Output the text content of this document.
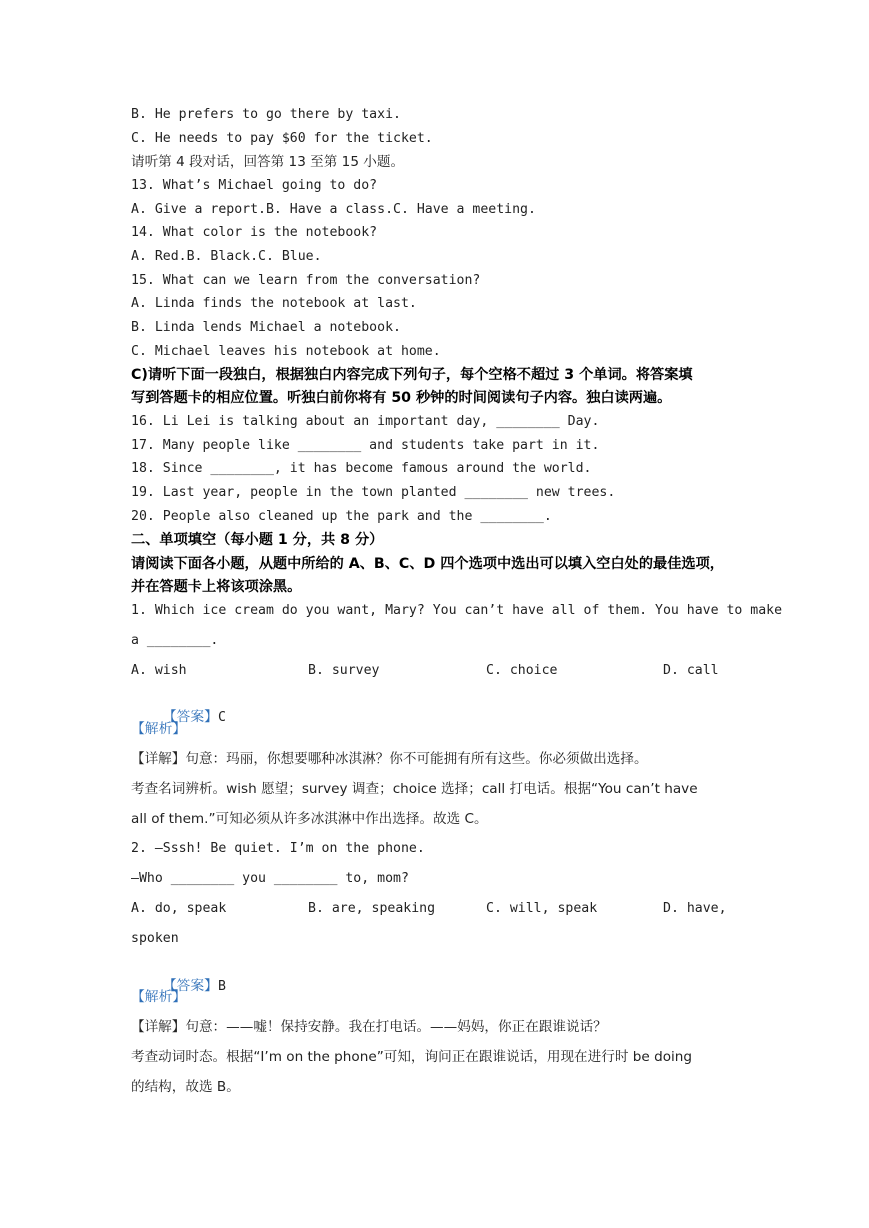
B. He prefers to go there by taxi.
C. He needs to pay $60 for the ticket.
请听第 4 段对话，回答第 13 至第 15 小题。
13. What’s Michael going to do?
A. Give a report.B. Have a class.C. Have a meeting.
14. What color is the notebook?
A. Red.B. Black.C. Blue.
15. What can we learn from the conversation?
A. Linda finds the notebook at last.
B. Linda lends Michael a notebook.
C. Michael leaves his notebook at home.
C)请听下面一段独白，根据独白内容完成下列句子，每个空格不超过 3 个单词。将答案填
写到答题卡的相应位置。听独白前你将有 50 秒钟的时间阅读句子内容。独白读两遍。
16. Li Lei is talking about an important day, ________ Day.
17. Many people like ________ and students take part in it.
18. Since ________, it has become famous around the world.
19. Last year, people in the town planted ________ new trees.
20. People also cleaned up the park and the ________.
二、单项填空（每小题 1 分，共 8 分）
请阅读下面各小题，从题中所给的 A、B、C、D 四个选项中选出可以填入空白处的最佳选项，
并在答题卡上将该项涂黑。
1. Which ice cream do you want, Mary? You can’t have all of them. You have to make
a ________.
A. wish	B. survey	C. choice	D. call

【答案】C

【解析】
【详解】句意：玛丽，你想要哪种冰淇淋？你不可能拥有所有这些。你必须做出选择。
考查名词辨析。wish 愿望；survey 调查；choice 选择；call 打电话。根据“You can’t have
all of them.”可知必须从许多冰淇淋中作出选择。故选 C。
2. —Sssh! Be quiet. I’m on the phone.
—Who ________ you ________ to, mom?
A. do, speak	B. are, speaking	C. will, speak	D. have,
spoken

【答案】B

【解析】
【详解】句意：——嘘！保持安静。我在打电话。——妈妈，你正在跟谁说话？
考查动词时态。根据“I’m on the phone”可知，询问正在跟谁说话，用现在进行时 be doing
的结构，故选 B。
